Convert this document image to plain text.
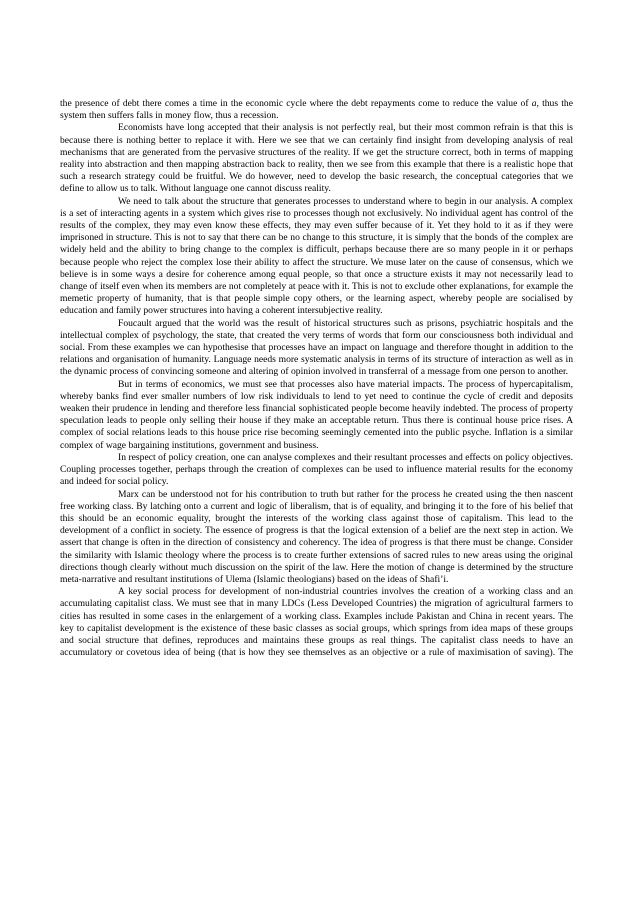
the presence of debt there comes a time in the economic cycle where the debt repayments come to reduce the value of a, thus the system then suffers falls in money flow, thus a recession.

Economists have long accepted that their analysis is not perfectly real, but their most common refrain is that this is because there is nothing better to replace it with. Here we see that we can certainly find insight from developing analysis of real mechanisms that are generated from the pervasive structures of the reality. If we get the structure correct, both in terms of mapping reality into abstraction and then mapping abstraction back to reality, then we see from this example that there is a realistic hope that such a research strategy could be fruitful. We do however, need to develop the basic research, the conceptual categories that we define to allow us to talk. Without language one cannot discuss reality.

We need to talk about the structure that generates processes to understand where to begin in our analysis. A complex is a set of interacting agents in a system which gives rise to processes though not exclusively. No individual agent has control of the results of the complex, they may even know these effects, they may even suffer because of it. Yet they hold to it as if they were imprisoned in structure. This is not to say that there can be no change to this structure, it is simply that the bonds of the complex are widely held and the ability to bring change to the complex is difficult, perhaps because there are so many people in it or perhaps because people who reject the complex lose their ability to affect the structure. We muse later on the cause of consensus, which we believe is in some ways a desire for coherence among equal people, so that once a structure exists it may not necessarily lead to change of itself even when its members are not completely at peace with it. This is not to exclude other explanations, for example the memetic property of humanity, that is that people simple copy others, or the learning aspect, whereby people are socialised by education and family power structures into having a coherent intersubjective reality.

Foucault argued that the world was the result of historical structures such as prisons, psychiatric hospitals and the intellectual complex of psychology, the state, that created the very terms of words that form our consciousness both individual and social. From these examples we can hypothesise that processes have an impact on language and therefore thought in addition to the relations and organisation of humanity. Language needs more systematic analysis in terms of its structure of interaction as well as in the dynamic process of convincing someone and altering of opinion involved in transferral of a message from one person to another.

But in terms of economics, we must see that processes also have material impacts. The process of hypercapitalism, whereby banks find ever smaller numbers of low risk individuals to lend to yet need to continue the cycle of credit and deposits weaken their prudence in lending and therefore less financial sophisticated people become heavily indebted. The process of property speculation leads to people only selling their house if they make an acceptable return. Thus there is continual house price rises. A complex of social relations leads to this house price rise becoming seemingly cemented into the public psyche. Inflation is a similar complex of wage bargaining institutions, government and business.

In respect of policy creation, one can analyse complexes and their resultant processes and effects on policy objectives. Coupling processes together, perhaps through the creation of complexes can be used to influence material results for the economy and indeed for social policy.

Marx can be understood not for his contribution to truth but rather for the process he created using the then nascent free working class. By latching onto a current and logic of liberalism, that is of equality, and bringing it to the fore of his belief that this should be an economic equality, brought the interests of the working class against those of capitalism. This lead to the development of a conflict in society. The essence of progress is that the logical extension of a belief are the next step in action. We assert that change is often in the direction of consistency and coherency. The idea of progress is that there must be change. Consider the similarity with Islamic theology where the process is to create further extensions of sacred rules to new areas using the original directions though clearly without much discussion on the spirit of the law. Here the motion of change is determined by the structure meta-narrative and resultant institutions of Ulema (Islamic theologians) based on the ideas of Shafi’i.

A key social process for development of non-industrial countries involves the creation of a working class and an accumulating capitalist class. We must see that in many LDCs (Less Developed Countries) the migration of agricultural farmers to cities has resulted in some cases in the enlargement of a working class. Examples include Pakistan and China in recent years. The key to capitalist development is the existence of these basic classes as social groups, which springs from idea maps of these groups and social structure that defines, reproduces and maintains these groups as real things. The capitalist class needs to have an accumulatory or covetous idea of being (that is how they see themselves as an objective or a rule of maximisation of saving). The
